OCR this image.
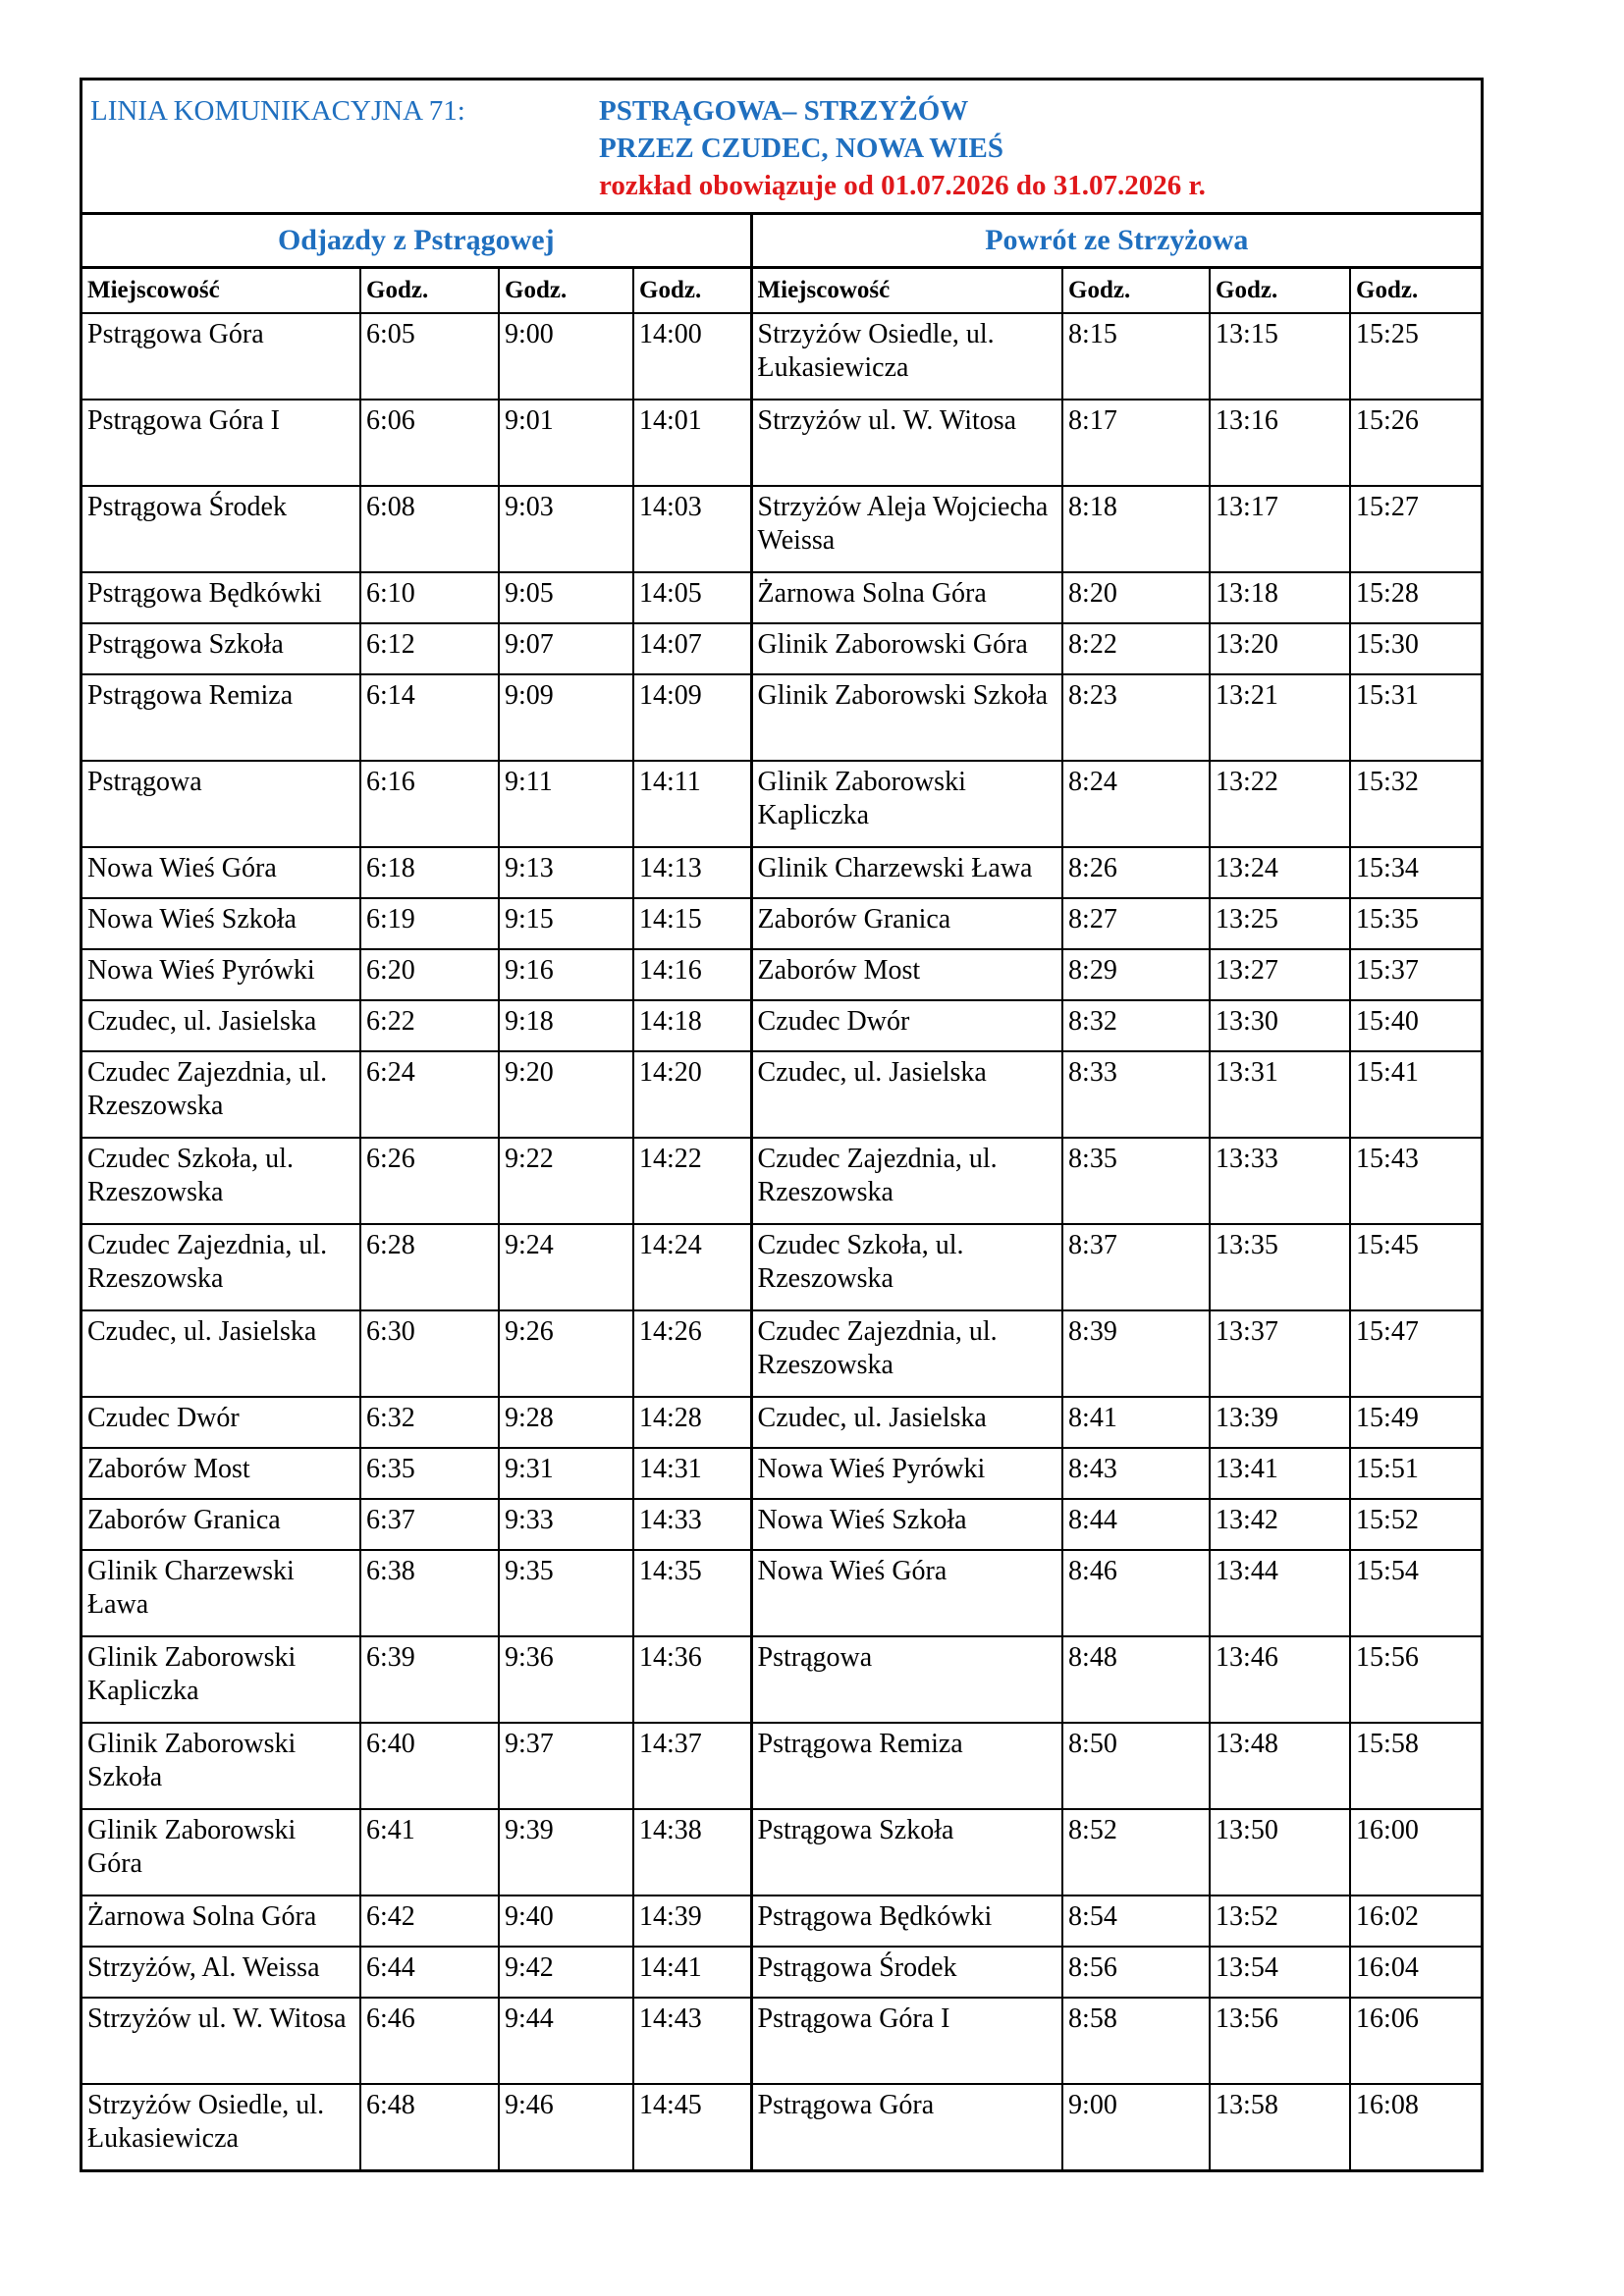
LINIA KOMUNIKACYJNA 71:	PSTRĄGOWA– STRZYŻÓW
PRZEZ CZUDEC, NOWA WIEŚ
rozkład obowiązuje od 01.07.2026 do 31.07.2026 r.
Odjazdy z Pstrągowej				Powrót ze Strzyżowa			
Miejscowość	Godz.	Godz.	Godz.	Miejscowość	Godz.	Godz.	Godz.
Pstrągowa Góra	6:05	9:00	14:00	Strzyżów Osiedle, ul. Łukasiewicza	8:15	13:15	15:25
Pstrągowa Góra I	6:06	9:01	14:01	Strzyżów ul. W. Witosa	8:17	13:16	15:26
Pstrągowa Środek	6:08	9:03	14:03	Strzyżów Aleja Wojciecha Weissa	8:18	13:17	15:27
Pstrągowa Będkówki	6:10	9:05	14:05	Żarnowa Solna Góra	8:20	13:18	15:28
Pstrągowa Szkoła	6:12	9:07	14:07	Glinik Zaborowski Góra	8:22	13:20	15:30
Pstrągowa Remiza	6:14	9:09	14:09	Glinik Zaborowski Szkoła	8:23	13:21	15:31
Pstrągowa	6:16	9:11	14:11	Glinik Zaborowski Kapliczka	8:24	13:22	15:32
Nowa Wieś Góra	6:18	9:13	14:13	Glinik Charzewski Ława	8:26	13:24	15:34
Nowa Wieś Szkoła	6:19	9:15	14:15	Zaborów Granica	8:27	13:25	15:35
Nowa Wieś Pyrówki	6:20	9:16	14:16	Zaborów Most	8:29	13:27	15:37
Czudec, ul. Jasielska	6:22	9:18	14:18	Czudec Dwór	8:32	13:30	15:40
Czudec Zajezdnia, ul. Rzeszowska	6:24	9:20	14:20	Czudec, ul. Jasielska	8:33	13:31	15:41
Czudec Szkoła, ul. Rzeszowska	6:26	9:22	14:22	Czudec Zajezdnia, ul. Rzeszowska	8:35	13:33	15:43
Czudec Zajezdnia, ul. Rzeszowska	6:28	9:24	14:24	Czudec Szkoła, ul. Rzeszowska	8:37	13:35	15:45
Czudec, ul. Jasielska	6:30	9:26	14:26	Czudec Zajezdnia, ul. Rzeszowska	8:39	13:37	15:47
Czudec Dwór	6:32	9:28	14:28	Czudec, ul. Jasielska	8:41	13:39	15:49
Zaborów Most	6:35	9:31	14:31	Nowa Wieś Pyrówki	8:43	13:41	15:51
Zaborów Granica	6:37	9:33	14:33	Nowa Wieś Szkoła	8:44	13:42	15:52
Glinik Charzewski Ława	6:38	9:35	14:35	Nowa Wieś Góra	8:46	13:44	15:54
Glinik Zaborowski Kapliczka	6:39	9:36	14:36	Pstrągowa	8:48	13:46	15:56
Glinik Zaborowski Szkoła	6:40	9:37	14:37	Pstrągowa Remiza	8:50	13:48	15:58
Glinik Zaborowski Góra	6:41	9:39	14:38	Pstrągowa Szkoła	8:52	13:50	16:00
Żarnowa Solna Góra	6:42	9:40	14:39	Pstrągowa Będkówki	8:54	13:52	16:02
Strzyżów, Al. Weissa	6:44	9:42	14:41	Pstrągowa Środek	8:56	13:54	16:04
Strzyżów ul. W. Witosa	6:46	9:44	14:43	Pstrągowa Góra I	8:58	13:56	16:06
Strzyżów Osiedle, ul. Łukasiewicza	6:48	9:46	14:45	Pstrągowa Góra	9:00	13:58	16:08
